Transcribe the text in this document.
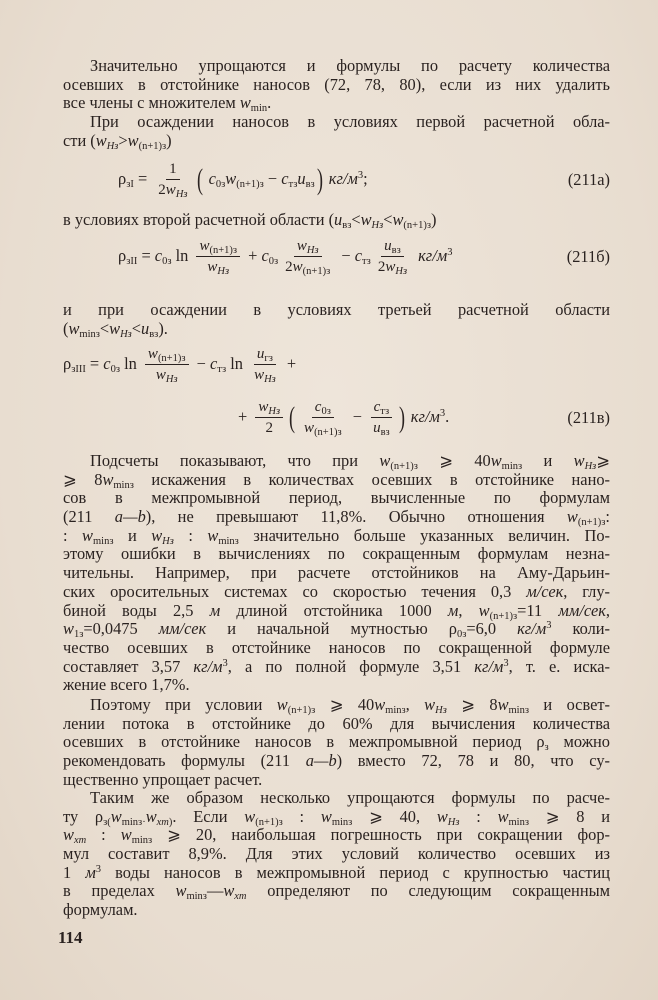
Значительно упрощаются и формулы по расчету количества
осевших в отстойнике наносов (72, 78, 80), если из них удалить
все члены с множителем wmin.
При осаждении наносов в условиях первой расчетной обла-
сти (wHз>w(n+1)з)
$\rho зI = \frac{1}{2w_{Hз}}$ ( c0зw(n+1)з − cтзuвз) $кг/м^3$;	(211а)
в условиях второй расчетной области (uвз<wHз<w(n+1)з)
ρзII = c0з $\ln \frac{w_{(n+1)з}}{w_{Hз}} + c0з \frac{w_{Hз}}{2w_{(n+1)з}}$ − cтз $\frac{u_{вз}}{2w_{Hз}} кг/м^3$	(211б)
и при осаждении в условиях третьей расчетной области
(wminз<wHз<uвз).
ρзIII = c0з $\ln \frac{w_{(n+1)з}}{w_{Hз}}$ − cтз $\ln \frac{u_{гз}}{w_{Hз}}$ +
+ $\frac{w_{Hз}}{2}$ ( $\frac{c_{0з}}{w_{(n+1)з}} - \frac{c_{тз}}{u_{вз}}$ ) $кг/м^3$.	(211в)
Подсчеты показывают, что при w(n+1)з ⩾ 40wminз и wHз⩾
⩾ 8wminз искажения в количествах осевших в отстойнике нано-
сов в межпромывной период, вычисленные по формулам
(211 a—b), не превышают 11,8%. Обычно отношения w(n+1)з:
: wminз и wHз : wminз значительно больше указанных величин. По-
этому ошибки в вычислениях по сокращенным формулам незна-
чительны. Например, при расчете отстойников на Аму-Дарьин-
ских оросительных системах со скоростью течения 0,3 м/сек, глу-
биной воды 2,5 м длиной отстойника 1000 м, w(n+1)з=11 мм/сек,
w1з=0,0475 мм/сек и начальной мутностью ρ0з=6,0 $кг/м^3$ коли-
чество осевших в отстойнике наносов по сокращенной формуле
составляет 3,57 $кг/м^3$, а по полной формуле 3,51 $кг/м^3$, т. е. иска-
жение всего 1,7%.
Поэтому при условии w(n+1)з ⩾ 40wminз, wHз ⩾ 8wminз и освет-
лении потока в отстойнике до 60% для вычисления количества
осевших в отстойнике наносов в межпромывной период ρз можно
рекомендовать формулы (211 a—b) вместо 72, 78 и 80, что су-
щественно упрощает расчет.
Таким же образом несколько упрощаются формулы по расче-
ту ρз(wminз·wxm). Если w(n+1)з : wminз ⩾ 40, wHз : wminз ⩾ 8 и
wxm : wminз ⩾ 20, наибольшая погрешность при сокращении фор-
мул составит 8,9%. Для этих условий количество осевших из
1 $м^3$ воды наносов в межпромывной период с крупностью частиц
в пределах wminз—wxm определяют по следующим сокращенным
формулам.
114
